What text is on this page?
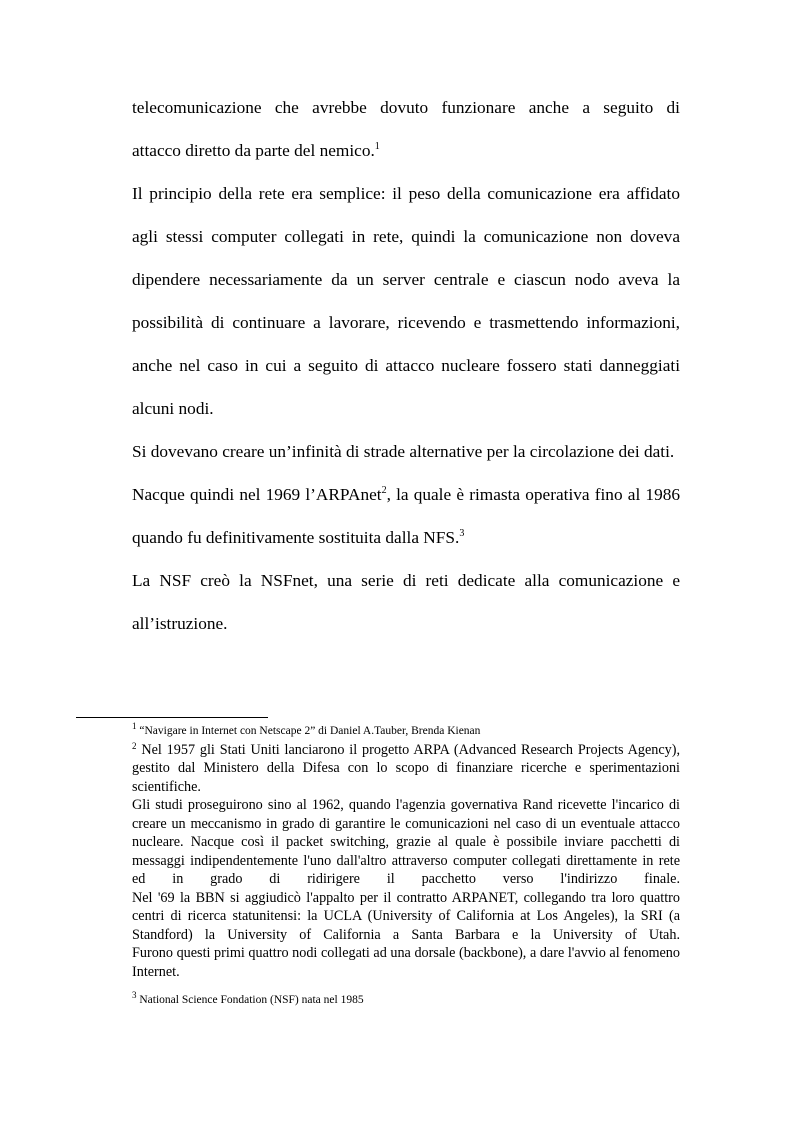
telecomunicazione che avrebbe dovuto funzionare anche a seguito di

attacco diretto da parte del nemico.$^1$

Il principio della rete era semplice: il peso della comunicazione era affidato agli stessi computer collegati in rete, quindi la comunicazione non doveva dipendere necessariamente da un server centrale e ciascun nodo aveva la possibilità di continuare a lavorare, ricevendo e trasmettendo informazioni, anche nel caso in cui a seguito di attacco nucleare fossero stati danneggiati alcuni nodi.

Si dovevano creare un’infinità di strade alternative per la circolazione dei dati.

Nacque quindi nel 1969 l’ARPAnet$^2$, la quale è rimasta operativa fino al 1986 quando fu definitivamente sostituita dalla NFS.$^3$

La NSF creò la NSFnet, una serie di reti dedicate alla comunicazione e all’istruzione.

$^1$ “Navigare in Internet con Netscape 2” di Daniel A.Tauber, Brenda Kienan

$^2$ Nel 1957 gli Stati Uniti lanciarono il progetto ARPA (Advanced Research Projects Agency), gestito dal Ministero della Difesa con lo scopo di finanziare ricerche e sperimentazioni scientifiche.

Gli studi proseguirono sino al 1962, quando l'agenzia governativa Rand ricevette l'incarico di creare un meccanismo in grado di garantire le comunicazioni nel caso di un eventuale attacco nucleare. Nacque così il packet switching, grazie al quale è possibile inviare pacchetti di messaggi indipendentemente l'uno dall'altro attraverso computer collegati direttamente in rete ed in grado di ridirigere il pacchetto verso l'indirizzo finale.

Nel '69 la BBN si aggiudicò l'appalto per il contratto ARPANET, collegando tra loro quattro centri di ricerca statunitensi: la UCLA (University of California at Los Angeles), la SRI (a Standford) la University of California a Santa Barbara e la University of Utah.

Furono questi primi quattro nodi collegati ad una dorsale (backbone), a dare l'avvio al fenomeno Internet.

$^3$ National Science Fondation (NSF) nata nel 1985
